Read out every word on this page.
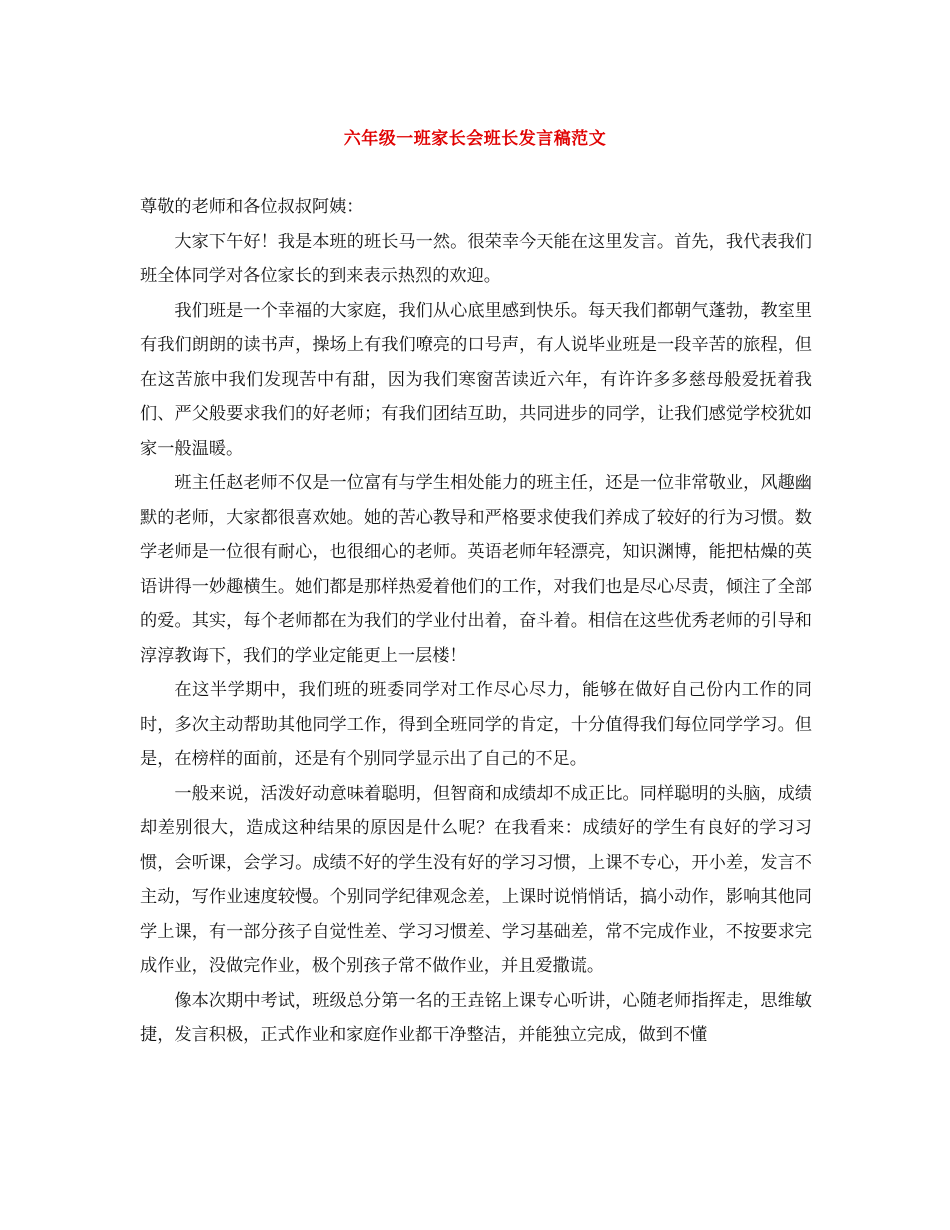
六年级一班家长会班长发言稿范文

尊敬的老师和各位叔叔阿姨：

大家下午好！我是本班的班长马一然。很荣幸今天能在这里发言。首先，我代表我们班全体同学对各位家长的到来表示热烈的欢迎。

我们班是一个幸福的大家庭，我们从心底里感到快乐。每天我们都朝气蓬勃，教室里有我们朗朗的读书声，操场上有我们嘹亮的口号声，有人说毕业班是一段辛苦的旅程，但在这苦旅中我们发现苦中有甜，因为我们寒窗苦读近六年，有许许多多慈母般爱抚着我们、严父般要求我们的好老师；有我们团结互助，共同进步的同学，让我们感觉学校犹如家一般温暖。

班主任赵老师不仅是一位富有与学生相处能力的班主任，还是一位非常敬业，风趣幽默的老师，大家都很喜欢她。她的苦心教导和严格要求使我们养成了较好的行为习惯。数学老师是一位很有耐心，也很细心的老师。英语老师年轻漂亮，知识渊博，能把枯燥的英语讲得一妙趣横生。她们都是那样热爱着他们的工作，对我们也是尽心尽责，倾注了全部的爱。其实，每个老师都在为我们的学业付出着，奋斗着。相信在这些优秀老师的引导和淳淳教诲下，我们的学业定能更上一层楼！

在这半学期中，我们班的班委同学对工作尽心尽力，能够在做好自己份内工作的同时，多次主动帮助其他同学工作，得到全班同学的肯定，十分值得我们每位同学学习。但是，在榜样的面前，还是有个别同学显示出了自己的不足。

一般来说，活泼好动意味着聪明，但智商和成绩却不成正比。同样聪明的头脑，成绩却差别很大，造成这种结果的原因是什么呢？在我看来：成绩好的学生有良好的学习习惯，会听课，会学习。成绩不好的学生没有好的学习习惯，上课不专心，开小差，发言不主动，写作业速度较慢。个别同学纪律观念差，上课时说悄悄话，搞小动作，影响其他同学上课，有一部分孩子自觉性差、学习习惯差、学习基础差，常不完成作业，不按要求完成作业，没做完作业，极个别孩子常不做作业，并且爱撒谎。

像本次期中考试，班级总分第一名的王垚铭上课专心听讲，心随老师指挥走，思维敏捷，发言积极，正式作业和家庭作业都干净整洁，并能独立完成，做到不懂
